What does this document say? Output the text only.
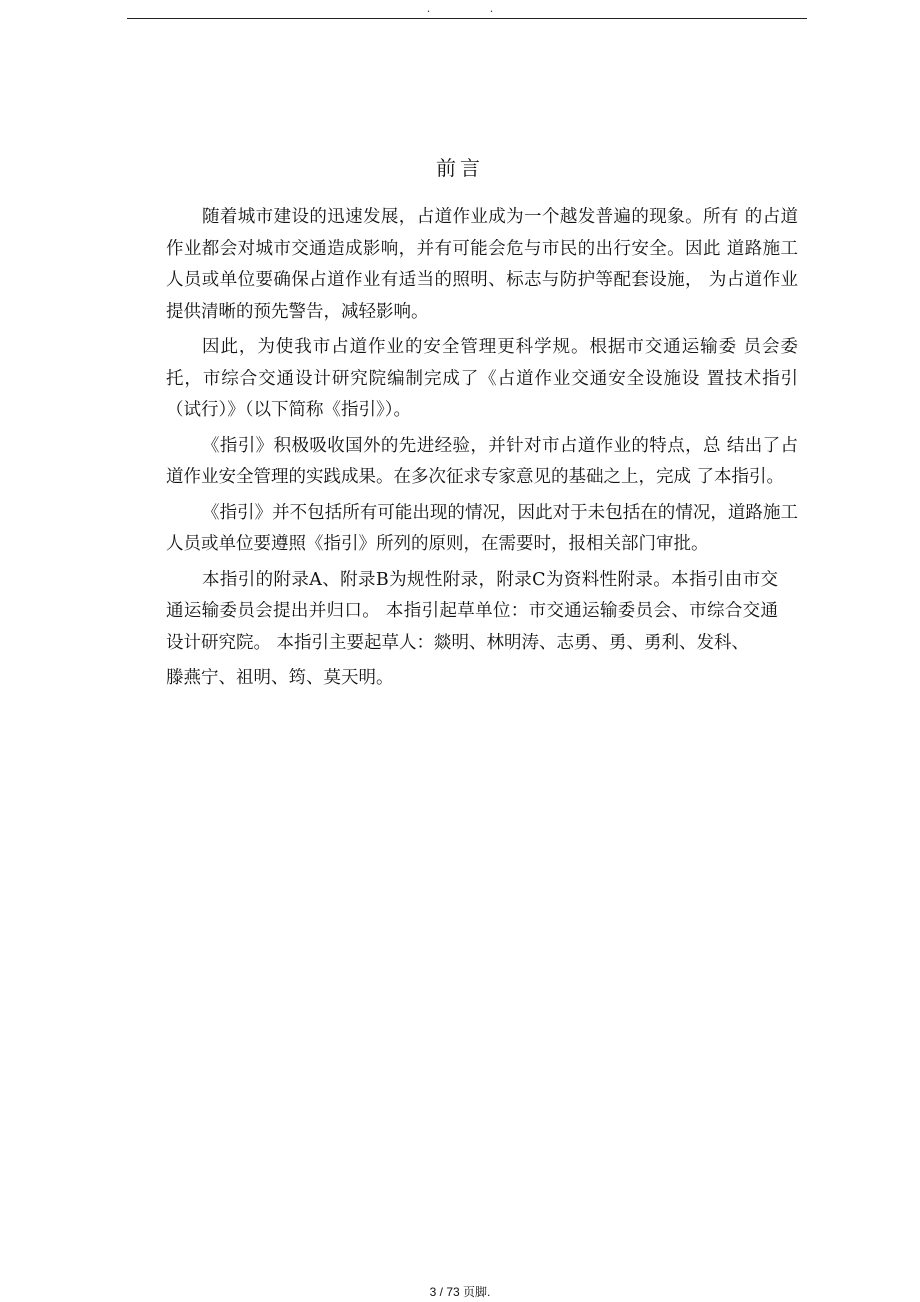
. .
前言

随着城市建设的迅速发展，占道作业成为一个越发普遍的现象。所有 的占道作业都会对城市交通造成影响，并有可能会危与市民的出行安全。因此 道路施工人员或单位要确保占道作业有适当的照明、标志与防护等配套设施， 为占道作业提供清晰的预先警告，减轻影响。

因此，为使我市占道作业的安全管理更科学规。根据市交通运输委 员会委托，市综合交通设计研究院编制完成了《占道作业交通安全设施设 置技术指引（试行）》（以下简称《指引》）。

《指引》积极吸收国外的先进经验，并针对市占道作业的特点，总 结出了占道作业安全管理的实践成果。在多次征求专家意见的基础之上，完成 了本指引。

《指引》并不包括所有可能出现的情况，因此对于未包括在的情况，道路施工人员或单位要遵照《指引》所列的原则，在需要时，报相关部门审批。

本指引的附录A、附录B为规性附录，附录C为资料性附录。本指引由市交通运输委员会提出并归口。 本指引起草单位：市交通运输委员会、市综合交通设计研究院。 本指引主要起草人：燚明、林明涛、志勇、勇、勇利、发科、

滕燕宁、祖明、筠、莫天明。

3 / 73 页脚.
